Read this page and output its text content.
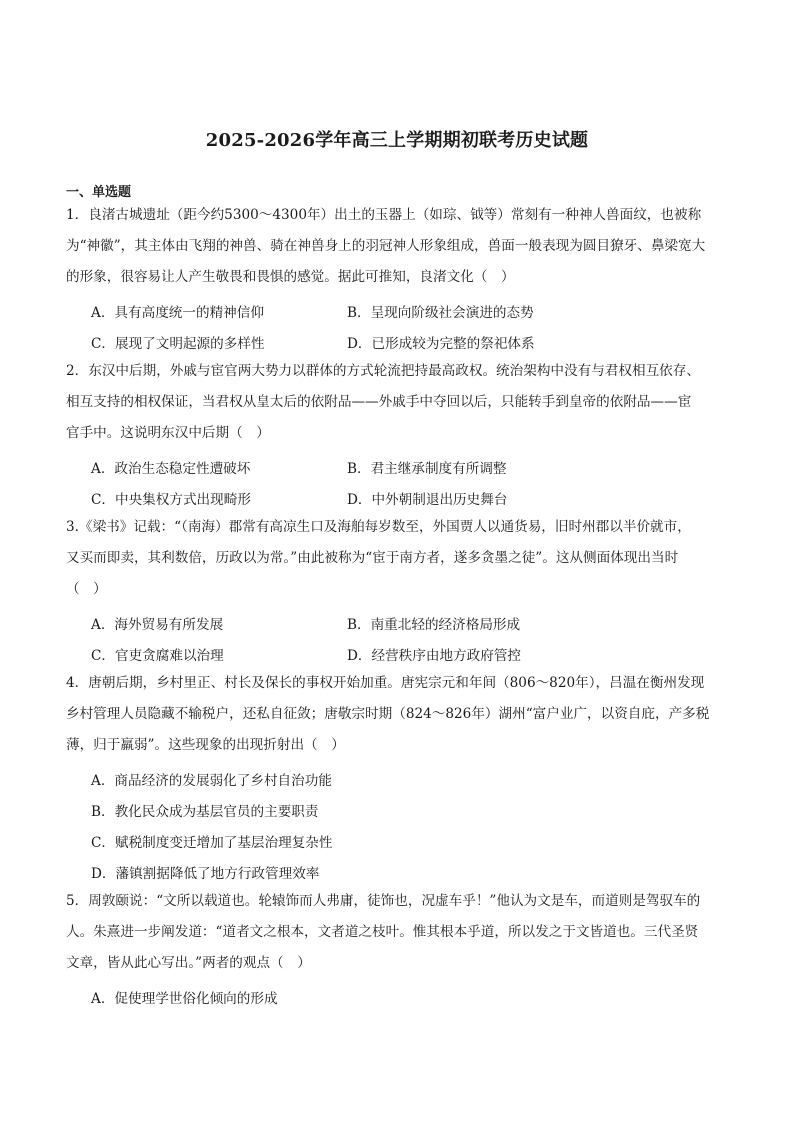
2025-2026学年高三上学期期初联考历史试题
一、单选题
1．良渚古城遗址（距今约5300～4300年）出土的玉器上（如琮、钺等）常刻有一种神人兽面纹，也被称
为“神徽”，其主体由飞翔的神兽、骑在神兽身上的羽冠神人形象组成，兽面一般表现为圆目獠牙、鼻梁宽大
的形象，很容易让人产生敬畏和畏惧的感觉。据此可推知，良渚文化（　）
A．具有高度统一的精神信仰	B．呈现向阶级社会演进的态势
C．展现了文明起源的多样性	D．已形成较为完整的祭祀体系
2．东汉中后期，外戚与宦官两大势力以群体的方式轮流把持最高政权。统治架构中没有与君权相互依存、
相互支持的相权保证，当君权从皇太后的依附品——外戚手中夺回以后，只能转手到皇帝的依附品——宦
官手中。这说明东汉中后期（　）
A．政治生态稳定性遭破坏	B．君主继承制度有所调整
C．中央集权方式出现畸形	D．中外朝制退出历史舞台
3.《梁书》记载：“（南海）郡常有高凉生口及海舶每岁数至，外国贾人以通货易，旧时州郡以半价就市，
又买而即卖，其利数倍，历政以为常。”由此被称为“宦于南方者，遂多贪墨之徒”。这从侧面体现出当时
（　）
A．海外贸易有所发展	B．南重北轻的经济格局形成
C．官吏贪腐难以治理	D．经营秩序由地方政府管控
4．唐朝后期，乡村里正、村长及保长的事权开始加重。唐宪宗元和年间（806～820年），吕温在衡州发现
乡村管理人员隐藏不输税户，还私自征敛；唐敬宗时期（824～826年）湖州“富户业广，以资自庇，产多税
薄，归于羸弱”。这些现象的出现折射出（　）
A．商品经济的发展弱化了乡村自治功能
B．教化民众成为基层官员的主要职责
C．赋税制度变迁增加了基层治理复杂性
D．藩镇割据降低了地方行政管理效率
5．周敦颐说：“文所以载道也。轮辕饰而人弗庸，徒饰也，况虚车乎！”他认为文是车，而道则是驾驭车的
人。朱熹进一步阐发道：“道者文之根本，文者道之枝叶。惟其根本乎道，所以发之于文皆道也。三代圣贤
文章，皆从此心写出。”两者的观点（　）
A．促使理学世俗化倾向的形成
